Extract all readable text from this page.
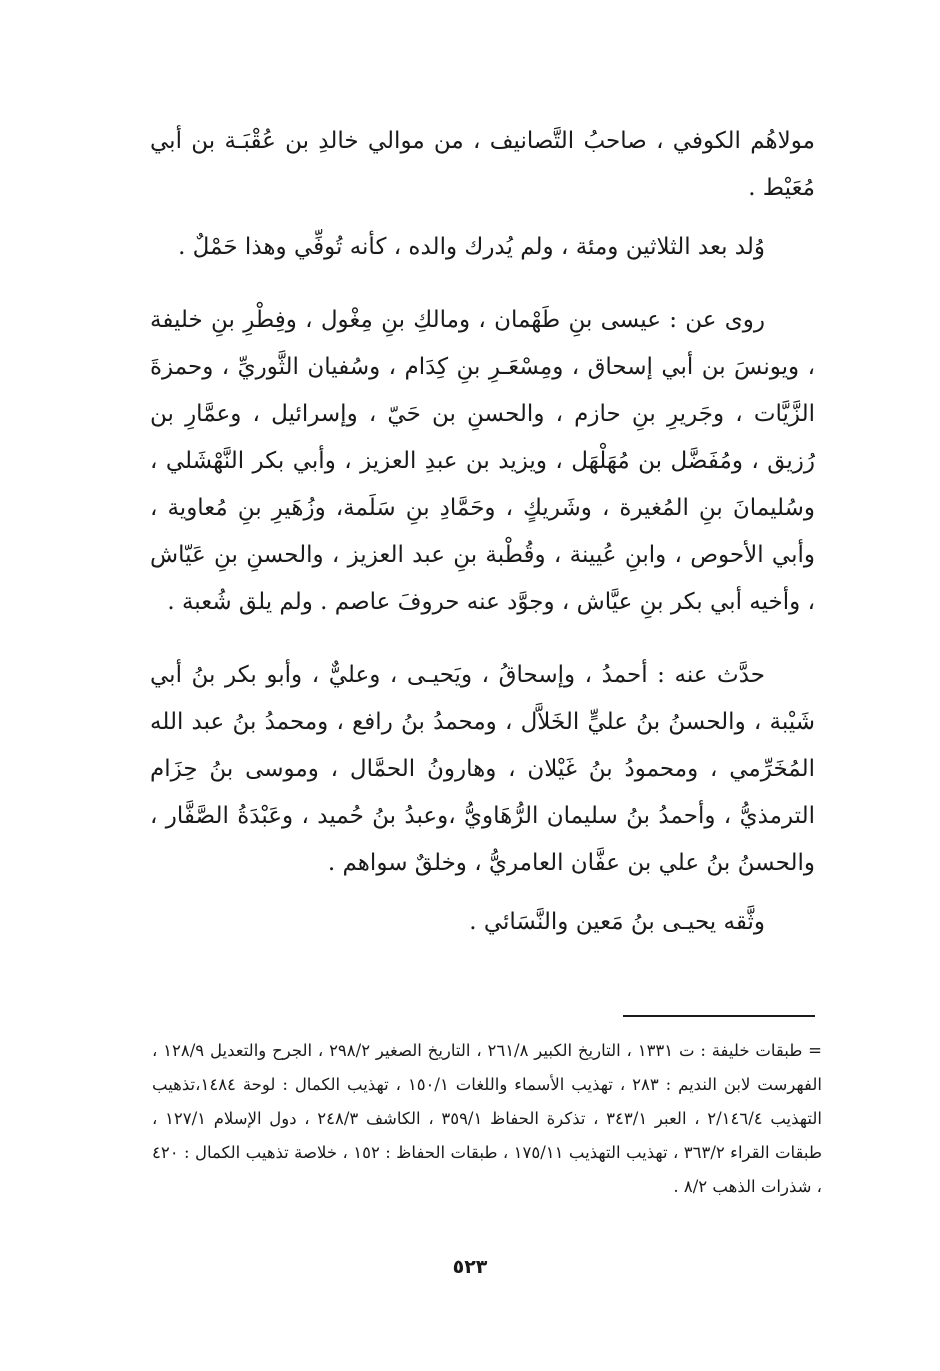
مولاهُم الكوفي ، صاحبُ التَّصانيف ، من موالي خالدِ بن عُقْبَـة بن أبي مُعَيْط .

وُلد بعد الثلاثين ومئة ، ولم يُدرك والده ، كأنه تُوفِّي وهذا حَمْلٌ .

روى عن : عيسى بنِ طَهْمان ، ومالكِ بنِ مِغْول ، وفِطْرِ بنِ خليفة ، ويونسَ بن أبي إسحاق ، ومِسْعَـرِ بنِ كِدَام ، وسُفيان الثَّوريِّ ، وحمزةَ الزَّيَّات ، وجَريرِ بنِ حازم ، والحسنِ بن حَيّ ، وإسرائيل ، وعمَّارِ بن رُزيق ، ومُفَضَّل بن مُهَلْهَل ، ويزيد بن عبدِ العزيز ، وأبي بكر النَّهْشَلي ، وسُليمانَ بنِ المُغيرة ، وشَريكٍ ، وحَمَّادِ بنِ سَلَمة، وزُهَيرِ بنِ مُعاوية ، وأبي الأحوص ، وابنِ عُيينة ، وقُطْبة بنِ عبد العزيز ، والحسنِ بنِ عَيّاش ، وأخيه أبي بكر بنِ عيَّاش ، وجوَّد عنه حروفَ عاصم . ولم يلق شُعبة .

حدَّث عنه : أحمدُ ، وإسحاقُ ، ويَحيـى ، وعليٌّ ، وأبو بكر بنُ أبي شَيْبة ، والحسنُ بنُ عليٍّ الخَلاَّل ، ومحمدُ بنُ رافع ، ومحمدُ بنُ عبد الله المُخَرِّمي ، ومحمودُ بنُ غَيْلان ، وهارونُ الحمَّال ، وموسى بنُ حِزَام الترمذيُّ ، وأحمدُ بنُ سليمان الرُّهَاويُّ ،وعبدُ بنُ حُميد ، وعَبْدَةُ الصَّفَّار ، والحسنُ بنُ علي بن عفَّان العامريُّ ، وخلقٌ سواهم .

وثَّقه يحيـى بنُ مَعين والنَّسَائي .

= طبقات خليفة : ت ١٣٣١ ، التاريخ الكبير ٢٦١/٨ ، التاريخ الصغير ٢٩٨/٢ ، الجرح والتعديل ١٢٨/٩ ، الفهرست لابن النديم : ٢٨٣ ، تهذيب الأسماء واللغات ١٥٠/١ ، تهذيب الكمال : لوحة ١٤٨٤،تذهيب التهذيب ٢/١٤٦/٤ ، العبر ٣٤٣/١ ، تذكرة الحفاظ ٣٥٩/١ ، الكاشف ٢٤٨/٣ ، دول الإسلام ١٢٧/١ ، طبقات القراء ٣٦٣/٢ ، تهذيب التهذيب ١٧٥/١١ ، طبقات الحفاظ : ١٥٢ ، خلاصة تذهيب الكمال : ٤٢٠ ، شذرات الذهب ٨/٢ .

٥٢٣
